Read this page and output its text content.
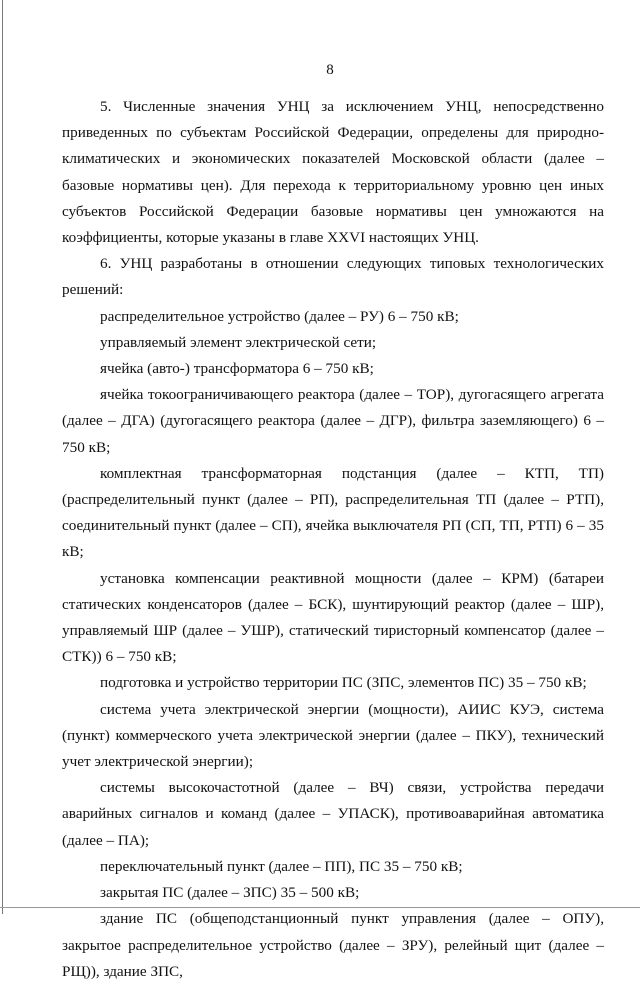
8

5. Численные значения УНЦ за исключением УНЦ, непосредственно приведенных по субъектам Российской Федерации, определены для природно-климатических и экономических показателей Московской области (далее – базовые нормативы цен). Для перехода к территориальному уровню цен иных субъектов Российской Федерации базовые нормативы цен умножаются на коэффициенты, которые указаны в главе XXVI настоящих УНЦ.

6. УНЦ разработаны в отношении следующих типовых технологических решений:

распределительное устройство (далее – РУ) 6 – 750 кВ;

управляемый элемент электрической сети;

ячейка (авто-) трансформатора 6 – 750 кВ;

ячейка токоограничивающего реактора (далее – ТОР), дугогасящего агрегата (далее – ДГА) (дугогасящего реактора (далее – ДГР), фильтра заземляющего) 6 – 750 кВ;

комплектная трансформаторная подстанция (далее – КТП, ТП) (распределительный пункт (далее – РП), распределительная ТП (далее – РТП), соединительный пункт (далее – СП), ячейка выключателя РП (СП, ТП, РТП) 6 – 35 кВ;

установка компенсации реактивной мощности (далее – КРМ) (батареи статических конденсаторов (далее – БСК), шунтирующий реактор (далее – ШР), управляемый ШР (далее – УШР), статический тиристорный компенсатор (далее – СТК)) 6 – 750 кВ;

подготовка и устройство территории ПС (ЗПС, элементов ПС) 35 – 750 кВ;

система учета электрической энергии (мощности), АИИС КУЭ, система (пункт) коммерческого учета электрической энергии (далее – ПКУ), технический учет электрической энергии);

системы высокочастотной (далее – ВЧ) связи, устройства передачи аварийных сигналов и команд (далее – УПАСК), противоаварийная автоматика (далее – ПА);

переключательный пункт (далее – ПП), ПС 35 – 750 кВ;

закрытая ПС (далее – ЗПС) 35 – 500 кВ;

здание ПС (общеподстанционный пункт управления (далее – ОПУ), закрытое распределительное устройство (далее – ЗРУ), релейный щит (далее – РЩ)), здание ЗПС,
